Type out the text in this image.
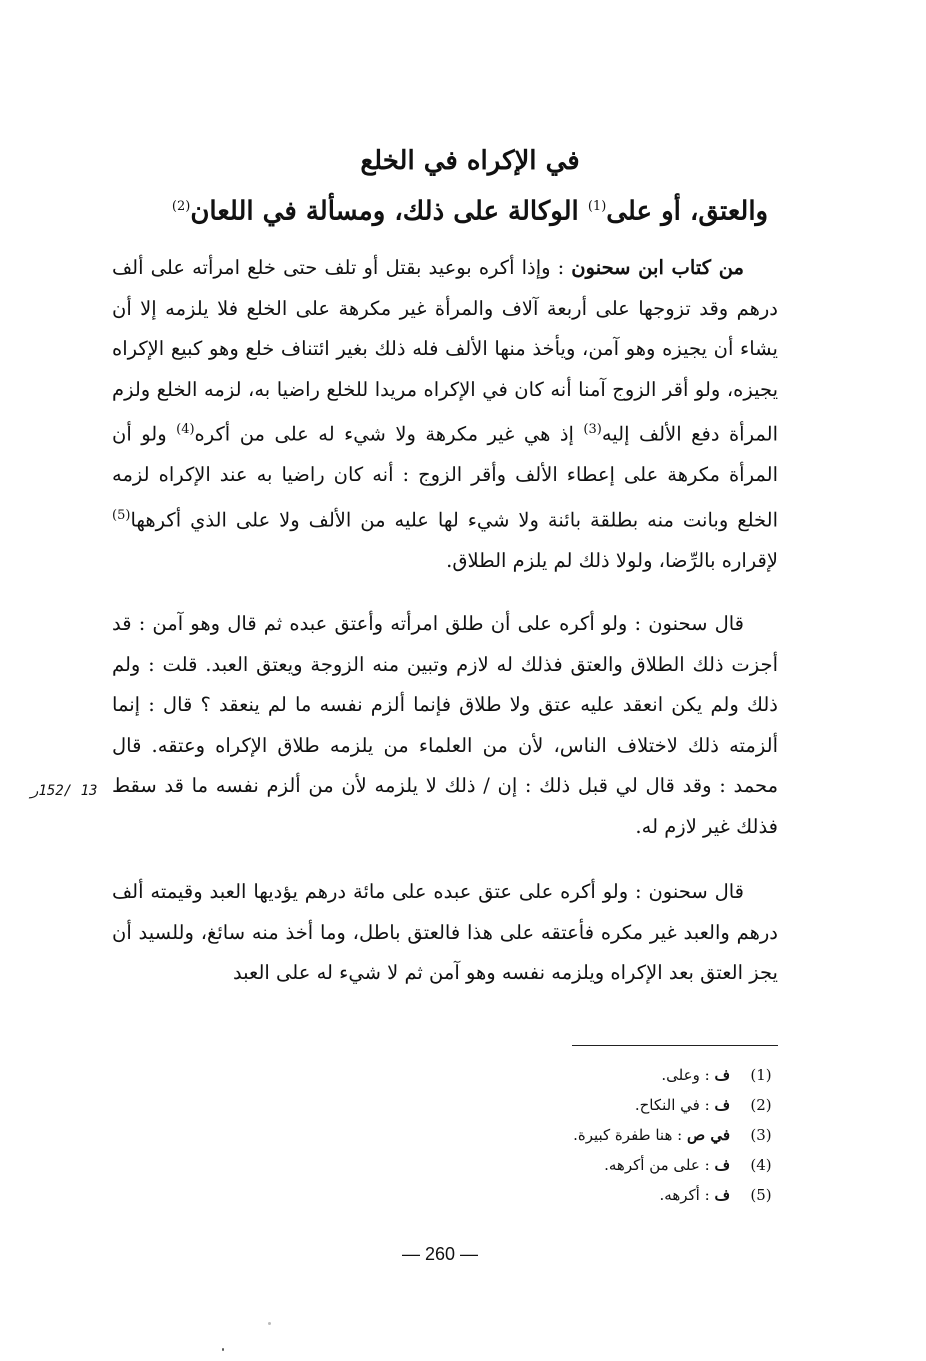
في الإكراه في الخلع
والعتق، أو على$^{(1)}$ الوكالة على ذلك، ومسألة في اللعان$^{(2)}$

من كتاب ابن سحنون : وإذا أكره بوعيد بقتل أو تلف حتى خلع امرأته على ألف درهم وقد تزوجها على أربعة آلاف والمرأة غير مكرهة على الخلع فلا يلزمه إلا أن يشاء أن يجيزه وهو آمن، ويأخذ منها الألف فله ذلك بغير ائتناف خلع وهو كبيع الإكراه يجيزه، ولو أقر الزوج آمنا أنه كان في الإكراه مريدا للخلع راضيا به، لزمه الخلع ولزم المرأة دفع الألف إليه$^{(3)}$ إذ هي غير مكرهة ولا شيء له على من أكره$^{(4)}$ ولو أن المرأة مكرهة على إعطاء الألف وأقر الزوج : أنه كان راضيا به عند الإكراه لزمه الخلع وبانت منه بطلقة بائنة ولا شيء لها عليه من الألف ولا على الذي أكرهها$^{(5)}$ لإقراره بالرِّضا، ولولا ذلك لم يلزم الطلاق.

قال سحنون : ولو أكره على أن طلق امرأته وأعتق عبده ثم قال وهو آمن : قد أجزت ذلك الطلاق والعتق فذلك له لازم وتبين منه الزوجة ويعتق العبد. قلت : ولم ذلك ولم يكن انعقد عليه عتق ولا طلاق فإنما ألزم نفسه ما لم ينعقد ؟ قال : إنما ألزمته ذلك لاختلاف الناس، لأن من العلماء من يلزمه طلاق الإكراه وعتقه. قال محمد : وقد قال لي قبل ذلك : إن / ذلك لا يلزمه لأن من ألزم نفسه ما قد سقط فذلك غير لازم له.

قال سحنون : ولو أكره على عتق عبده على مائة درهم يؤديها العبد وقيمته ألف درهم والعبد غير مكره فأعتقه على هذا فالعتق باطل، وما أخذ منه سائغ، وللسيد أن يجز العتق بعد الإكراه ويلزمه نفسه وهو آمن ثم لا شيء له على العبد

13 /152ر
(1)
ف : وعلى.
(2)
ف : في النكاح.
(3)
في ص : هنا طفرة كبيرة.
(4)
ف : على من أكرهه.
(5)
ف : أكرهه.
— 260 —
